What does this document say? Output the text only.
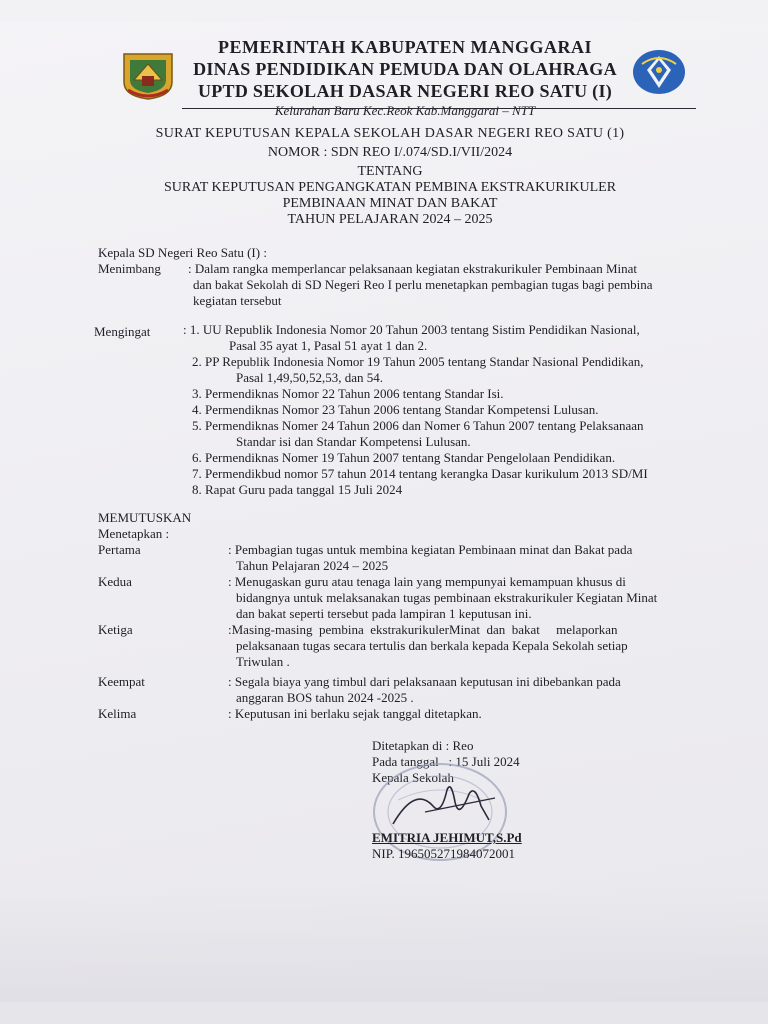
PEMERINTAH KABUPATEN MANGGARAI
DINAS PENDIDIKAN PEMUDA DAN OLAHRAGA
UPTD SEKOLAH DASAR NEGERI REO SATU (I)
Kelurahan Baru Kec.Reok Kab.Manggarai – NTT
SURAT KEPUTUSAN KEPALA SEKOLAH DASAR NEGERI REO SATU (1)
NOMOR : SDN REO I/.074/SD.I/VII/2024
TENTANG
SURAT KEPUTUSAN PENGANGKATAN PEMBINA EKSTRAKURIKULER
PEMBINAAN MINAT DAN BAKAT
TAHUN PELAJARAN 2024 – 2025
Kepala SD Negeri Reo Satu (I) :
Menimbang : Dalam rangka memperlancar pelaksanaan kegiatan ekstrakurikuler Pembinaan Minat
dan bakat Sekolah di SD Negeri Reo I perlu menetapkan pembagian tugas bagi pembina
kegiatan tersebut
Mengingat	: 1. UU Republik Indonesia Nomor 20 Tahun 2003 tentang Sistim Pendidikan Nasional,
Pasal 35 ayat 1, Pasal 51 ayat 1 dan 2.
2. PP Republik Indonesia Nomor 19 Tahun 2005 tentang Standar Nasional Pendidikan,
Pasal 1,49,50,52,53, dan 54.
3. Permendiknas Nomor 22 Tahun 2006 tentang Standar Isi.
4. Permendiknas Nomor 23 Tahun 2006 tentang Standar Kompetensi Lulusan.
5. Permendiknas Nomer 24 Tahun 2006 dan Nomer 6 Tahun 2007 tentang Pelaksanaan
Standar isi dan Standar Kompetensi Lulusan.
6. Permendiknas Nomer 19 Tahun 2007 tentang Standar Pengelolaan Pendidikan.
7. Permendikbud nomor 57 tahun 2014 tentang kerangka Dasar kurikulum 2013 SD/MI
8. Rapat Guru pada tanggal 15 Juli 2024
MEMUTUSKAN
Menetapkan :
Pertama	: Pembagian tugas untuk membina kegiatan Pembinaan minat dan Bakat pada
Tahun Pelajaran 2024 – 2025
Kedua	: Menugaskan guru atau tenaga lain yang mempunyai kemampuan khusus di
bidangnya untuk melaksanakan tugas pembinaan ekstrakurikuler Kegiatan Minat
dan bakat seperti tersebut pada lampiran 1 keputusan ini.
Ketiga	:Masing-masing  pembina  ekstrakurikulerMinat  dan  bakat     melaporkan
pelaksanaan tugas secara tertulis dan berkala kepada Kepala Sekolah setiap
Triwulan .
Keempat	: Segala biaya yang timbul dari pelaksanaan keputusan ini dibebankan pada
anggaran BOS tahun 2024 -2025 .
Kelima	: Keputusan ini berlaku sejak tanggal ditetapkan.
Ditetapkan di : Reo
Pada tanggal   : 15 Juli 2024
Kepala Sekolah
EMITRIA JEHIMUT,S.Pd
NIP. 196505271984072001
